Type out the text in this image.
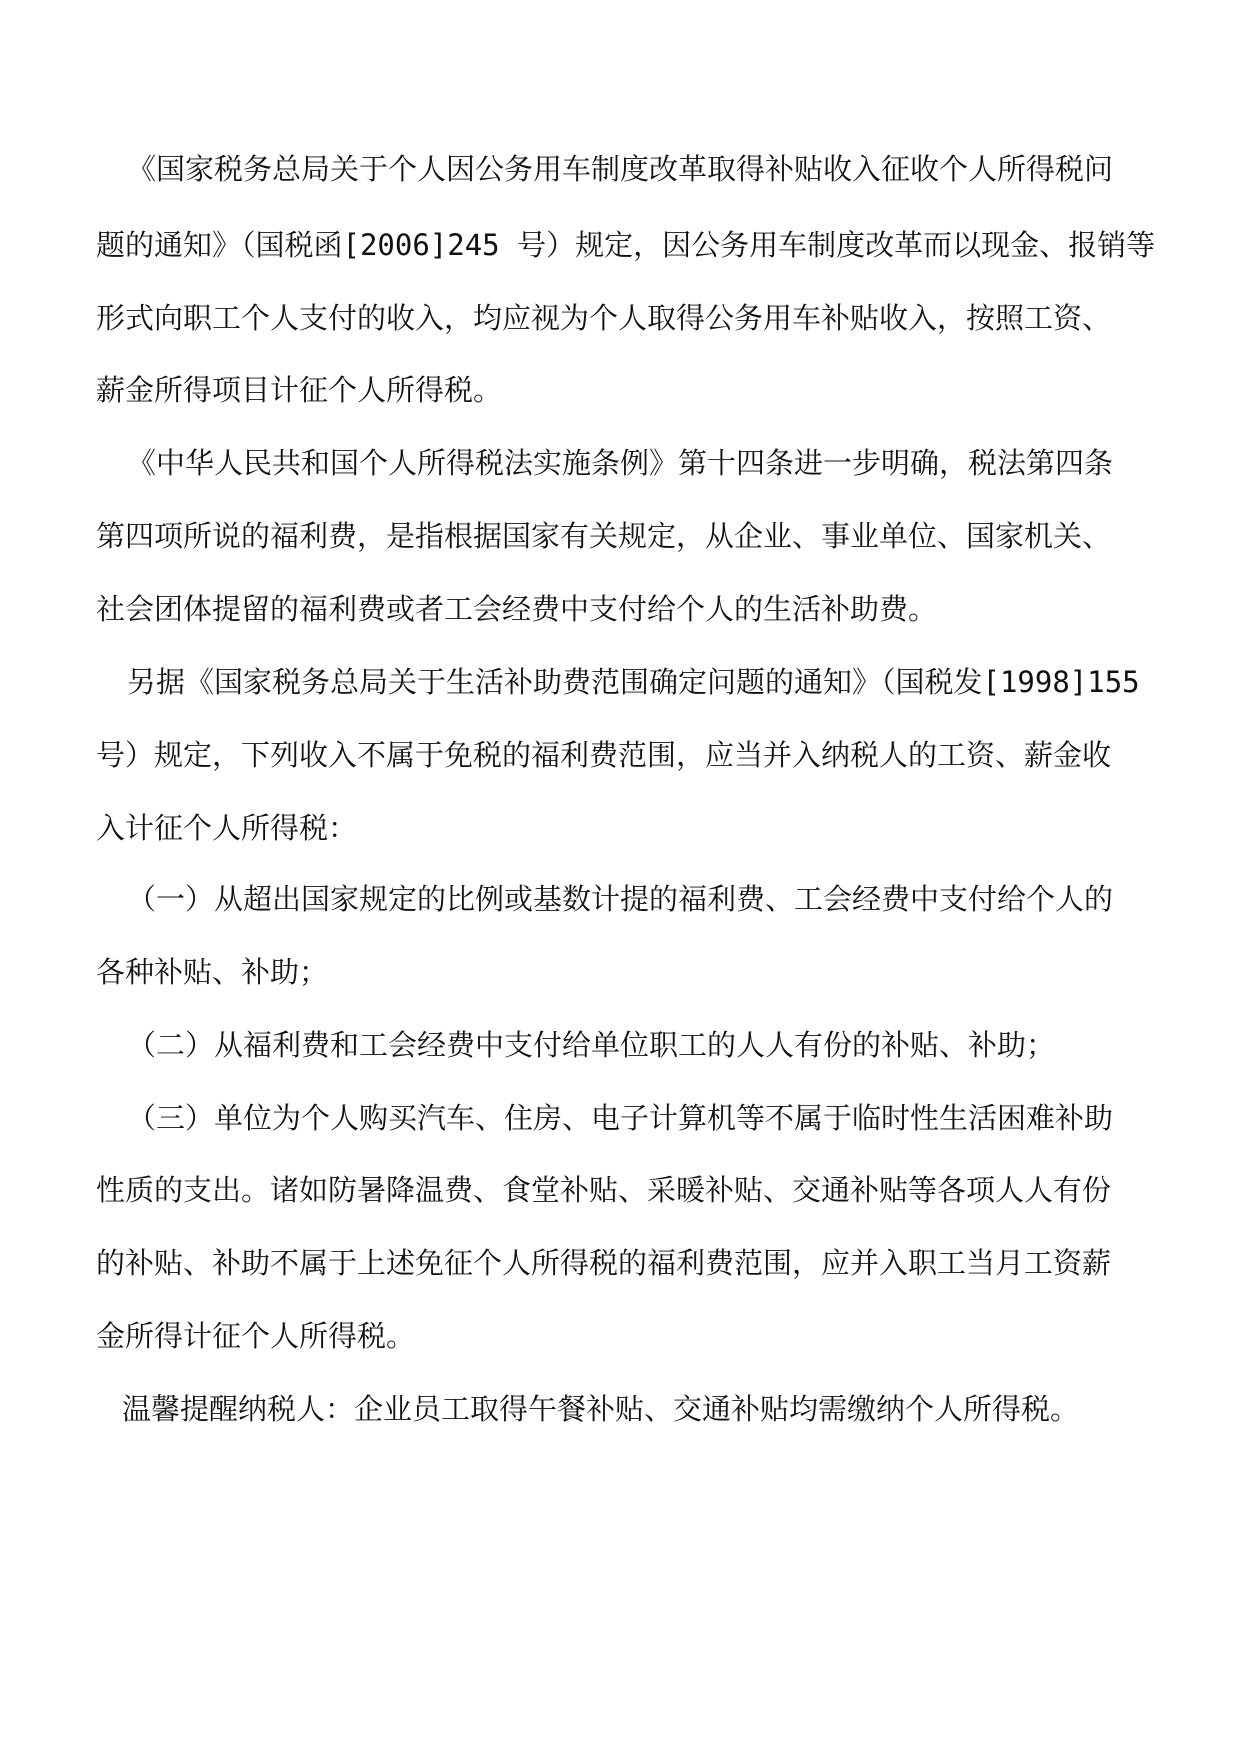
《国家税务总局关于个人因公务用车制度改革取得补贴收入征收个人所得税问

题的通知》（国税函[2006]245 号）规定，因公务用车制度改革而以现金、报销等

形式向职工个人支付的收入，均应视为个人取得公务用车补贴收入，按照工资、

薪金所得项目计征个人所得税。

《中华人民共和国个人所得税法实施条例》第十四条进一步明确，税法第四条

第四项所说的福利费，是指根据国家有关规定，从企业、事业单位、国家机关、

社会团体提留的福利费或者工会经费中支付给个人的生活补助费。

另据《国家税务总局关于生活补助费范围确定问题的通知》（国税发[1998]155

号）规定，下列收入不属于免税的福利费范围，应当并入纳税人的工资、薪金收

入计征个人所得税：

（一）从超出国家规定的比例或基数计提的福利费、工会经费中支付给个人的

各种补贴、补助；

（二）从福利费和工会经费中支付给单位职工的人人有份的补贴、补助；

（三）单位为个人购买汽车、住房、电子计算机等不属于临时性生活困难补助

性质的支出。诸如防暑降温费、食堂补贴、采暖补贴、交通补贴等各项人人有份

的补贴、补助不属于上述免征个人所得税的福利费范围，应并入职工当月工资薪

金所得计征个人所得税。

温馨提醒纳税人：企业员工取得午餐补贴、交通补贴均需缴纳个人所得税。
